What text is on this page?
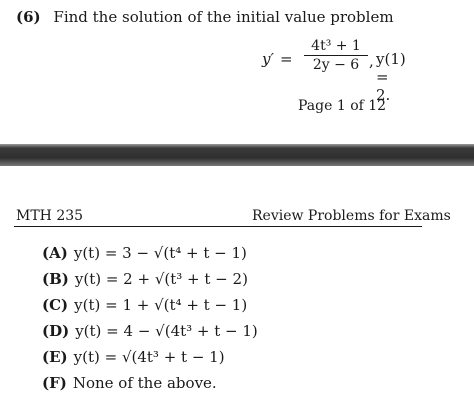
(6) Find the solution of the initial value problem
$y' = \frac{\text{4t³ + 1}}{2y - 6}$ , y(1) = 2.
Page 1 of 12
MTH 235	Review Problems for Exams
(A) y(t) = 3 − √(t⁴ + t − 1)
(B) y(t) = 2 + √(t³ + t − 2)
(C) y(t) = 1 + √(t⁴ + t − 1)
(D) y(t) = 4 − √(4t³ + t − 1)
(E) y(t) = √(4t³ + t − 1)
(F) None of the above.
